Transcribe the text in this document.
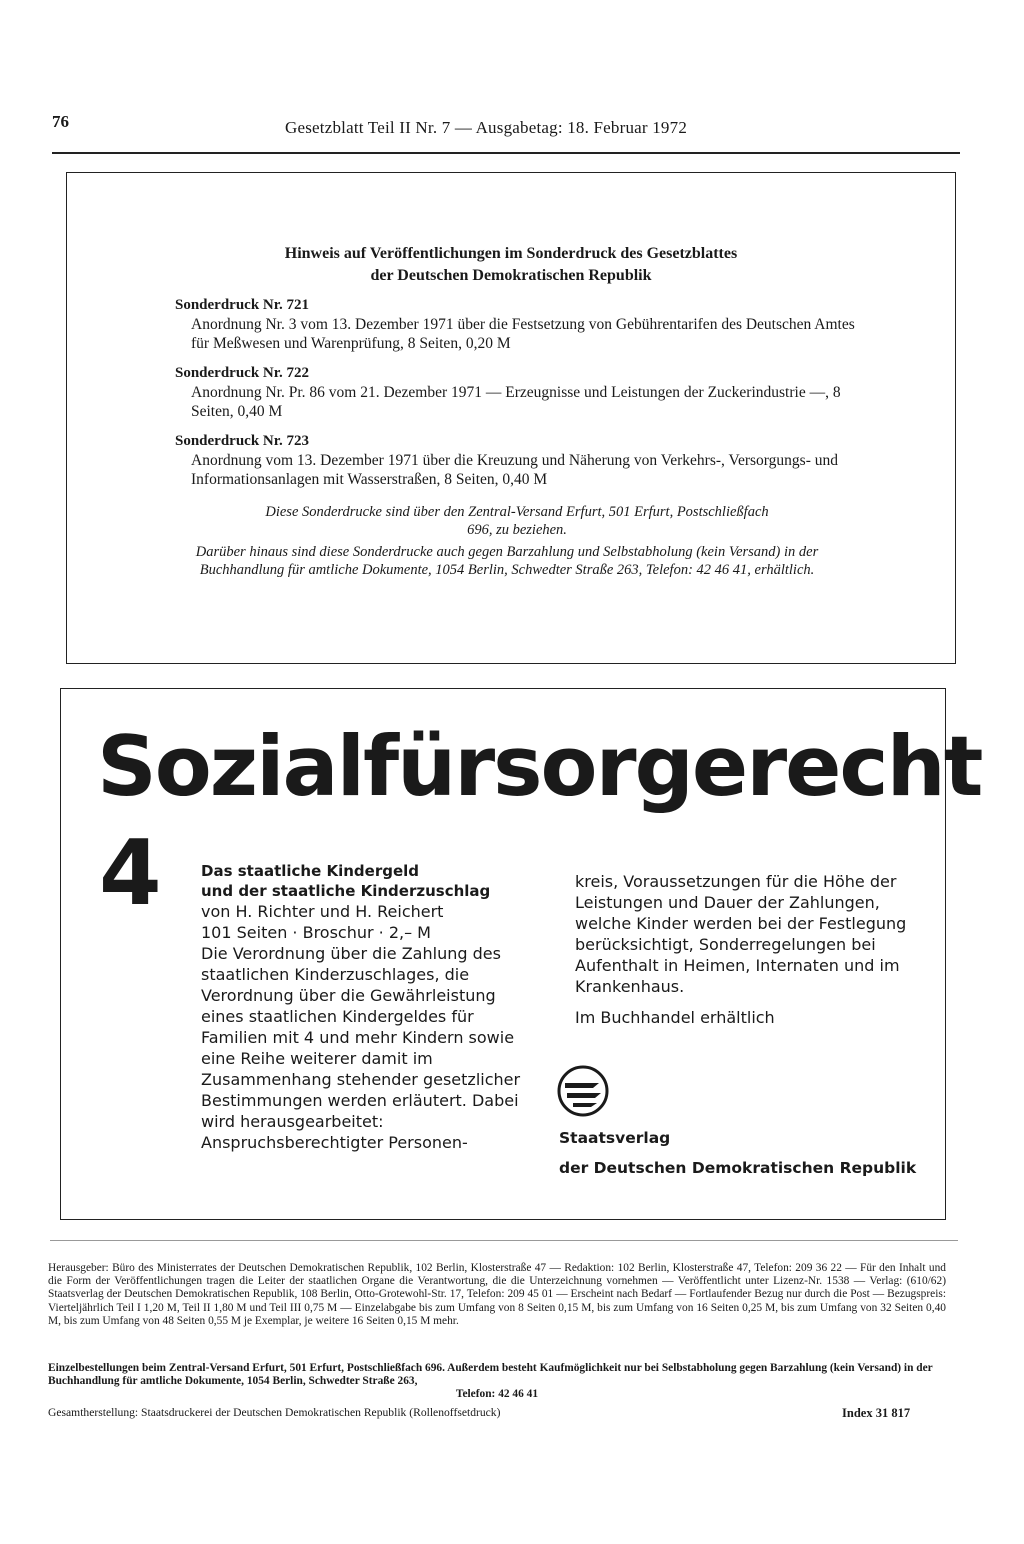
76	Gesetzblatt Teil II Nr. 7 — Ausgabetag: 18. Februar 1972
Hinweis auf Veröffentlichungen im Sonderdruck des Gesetzblattes
der Deutschen Demokratischen Republik
Sonderdruck Nr. 721
Anordnung Nr. 3 vom 13. Dezember 1971 über die Festsetzung von Gebührentarifen des Deutschen Amtes für Meßwesen und Warenprüfung, 8 Seiten, 0,20 M
Sonderdruck Nr. 722
Anordnung Nr. Pr. 86 vom 21. Dezember 1971 — Erzeugnisse und Leistungen der Zuckerindustrie —, 8 Seiten, 0,40 M
Sonderdruck Nr. 723
Anordnung vom 13. Dezember 1971 über die Kreuzung und Näherung von Verkehrs-, Versorgungs- und Informationsanlagen mit Wasserstraßen, 8 Seiten, 0,40 M
Diese Sonderdrucke sind über den Zentral-Versand Erfurt, 501 Erfurt, Postschließfach 696, zu beziehen.
Darüber hinaus sind diese Sonderdrucke auch gegen Barzahlung und Selbstabholung (kein Versand) in der Buchhandlung für amtliche Dokumente, 1054 Berlin, Schwedter Straße 263, Telefon: 42 46 41, erhältlich.
Sozialfürsorgerecht
4	Das staatliche Kindergeld
und der staatliche Kinderzuschlag
von H. Richter und H. Reichert
101 Seiten · Broschur · 2,– M
Die Verordnung über die Zahlung des staatlichen Kinderzuschlages, die Verordnung über die Gewährleistung eines staatlichen Kindergeldes für Familien mit 4 und mehr Kindern sowie eine Reihe weiterer damit im Zusammenhang stehender gesetzlicher Bestimmungen werden erläutert. Dabei wird herausgearbeitet: Anspruchsberechtigter Personen-
kreis, Voraussetzungen für die Höhe der Leistungen und Dauer der Zahlungen, welche Kinder werden bei der Festlegung berücksichtigt, Sonderregelungen bei Aufenthalt in Heimen, Internaten und im Krankenhaus.
Im Buchhandel erhältlich
Staatsverlag
der Deutschen Demokratischen Republik
Herausgeber: Büro des Ministerrates der Deutschen Demokratischen Republik, 102 Berlin, Klosterstraße 47 — Redaktion: 102 Berlin, Klosterstraße 47, Telefon: 209 36 22 — Für den Inhalt und die Form der Veröffentlichungen tragen die Leiter der staatlichen Organe die Verantwortung, die die Unterzeichnung vornehmen — Veröffentlicht unter Lizenz-Nr. 1538 — Verlag: (610/62) Staatsverlag der Deutschen Demokratischen Republik, 108 Berlin, Otto-Grotewohl-Str. 17, Telefon: 209 45 01 — Erscheint nach Bedarf — Fortlaufender Bezug nur durch die Post — Bezugspreis: Vierteljährlich Teil I 1,20 M, Teil II 1,80 M und Teil III 0,75 M — Einzelabgabe bis zum Umfang von 8 Seiten 0,15 M, bis zum Umfang von 16 Seiten 0,25 M, bis zum Umfang von 32 Seiten 0,40 M, bis zum Umfang von 48 Seiten 0,55 M je Exemplar, je weitere 16 Seiten 0,15 M mehr.
Einzelbestellungen beim Zentral-Versand Erfurt, 501 Erfurt, Postschließfach 696. Außerdem besteht Kaufmöglichkeit nur bei Selbstabholung gegen Barzahlung (kein Versand) in der Buchhandlung für amtliche Dokumente, 1054 Berlin, Schwedter Straße 263,
Telefon: 42 46 41
Gesamtherstellung: Staatsdruckerei der Deutschen Demokratischen Republik (Rollenoffsetdruck)	Index 31 817
